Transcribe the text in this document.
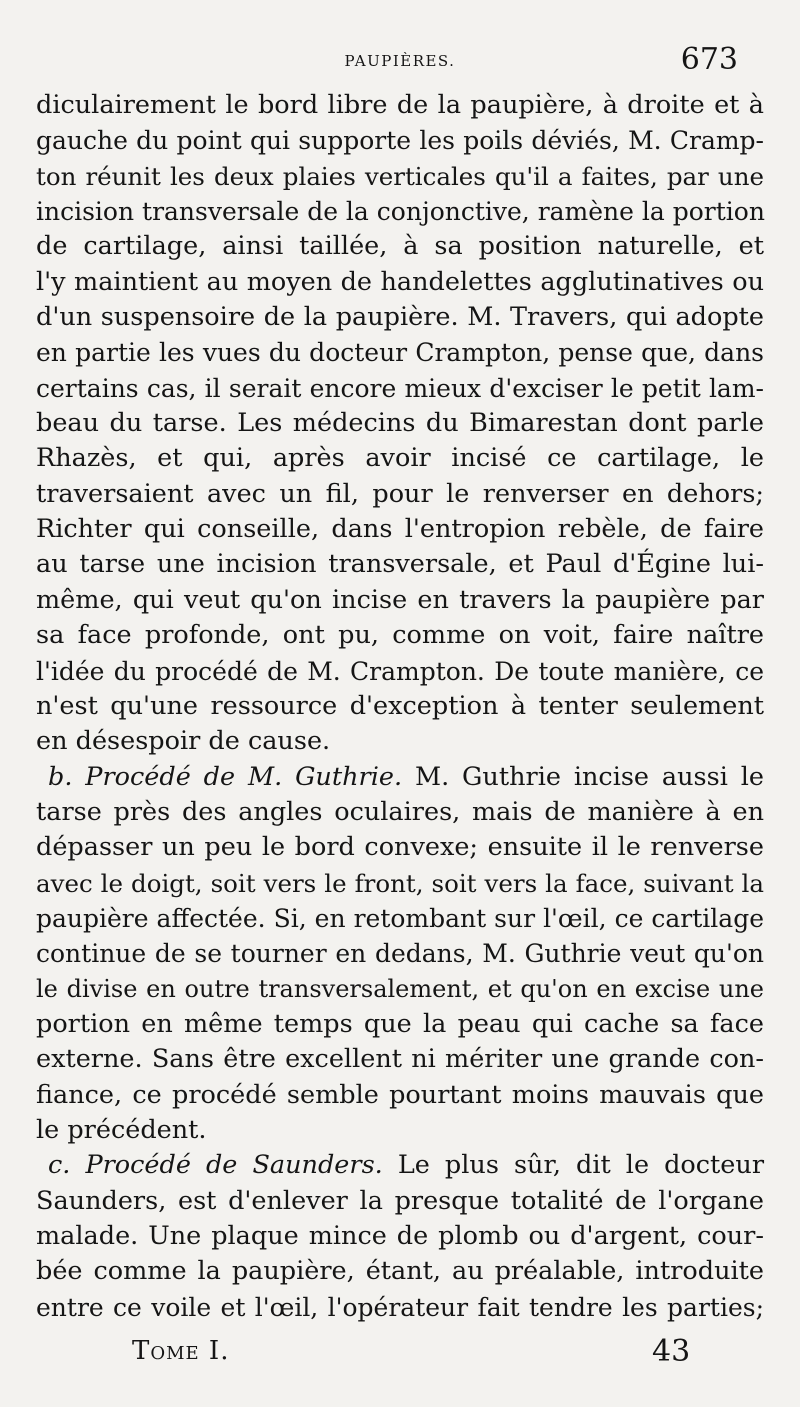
PAUPIÈRES.	673
diculairement le bord libre de la paupière, à droite et à
gauche du point qui supporte les poils déviés, M. Cramp-
ton réunit les deux plaies verticales qu'il a faites, par une
incision transversale de la conjonctive, ramène la portion
de cartilage, ainsi taillée, à sa position naturelle, et
l'y maintient au moyen de handelettes agglutinatives ou
d'un suspensoire de la paupière. M. Travers, qui adopte
en partie les vues du docteur Crampton, pense que, dans
certains cas, il serait encore mieux d'exciser le petit lam-
beau du tarse. Les médecins du Bimarestan dont parle
Rhazès, et qui, après avoir incisé ce cartilage, le
traversaient avec un fil, pour le renverser en dehors;
Richter qui conseille, dans l'entropion rebèle, de faire
au tarse une incision transversale, et Paul d'Égine lui-
même, qui veut qu'on incise en travers la paupière par
sa face profonde, ont pu, comme on voit, faire naître
l'idée du procédé de M. Crampton. De toute manière, ce
n'est qu'une ressource d'exception à tenter seulement
en désespoir de cause.
b. Procédé de M. Guthrie. M. Guthrie incise aussi le
tarse près des angles oculaires, mais de manière à en
dépasser un peu le bord convexe; ensuite il le renverse
avec le doigt, soit vers le front, soit vers la face, suivant la
paupière affectée. Si, en retombant sur l'œil, ce cartilage
continue de se tourner en dedans, M. Guthrie veut qu'on
le divise en outre transversalement, et qu'on en excise une
portion en même temps que la peau qui cache sa face
externe. Sans être excellent ni mériter une grande con-
fiance, ce procédé semble pourtant moins mauvais que
le précédent.
c. Procédé de Saunders. Le plus sûr, dit le docteur
Saunders, est d'enlever la presque totalité de l'organe
malade. Une plaque mince de plomb ou d'argent, cour-
bée comme la paupière, étant, au préalable, introduite
entre ce voile et l'œil, l'opérateur fait tendre les parties;
Tome I.	43
